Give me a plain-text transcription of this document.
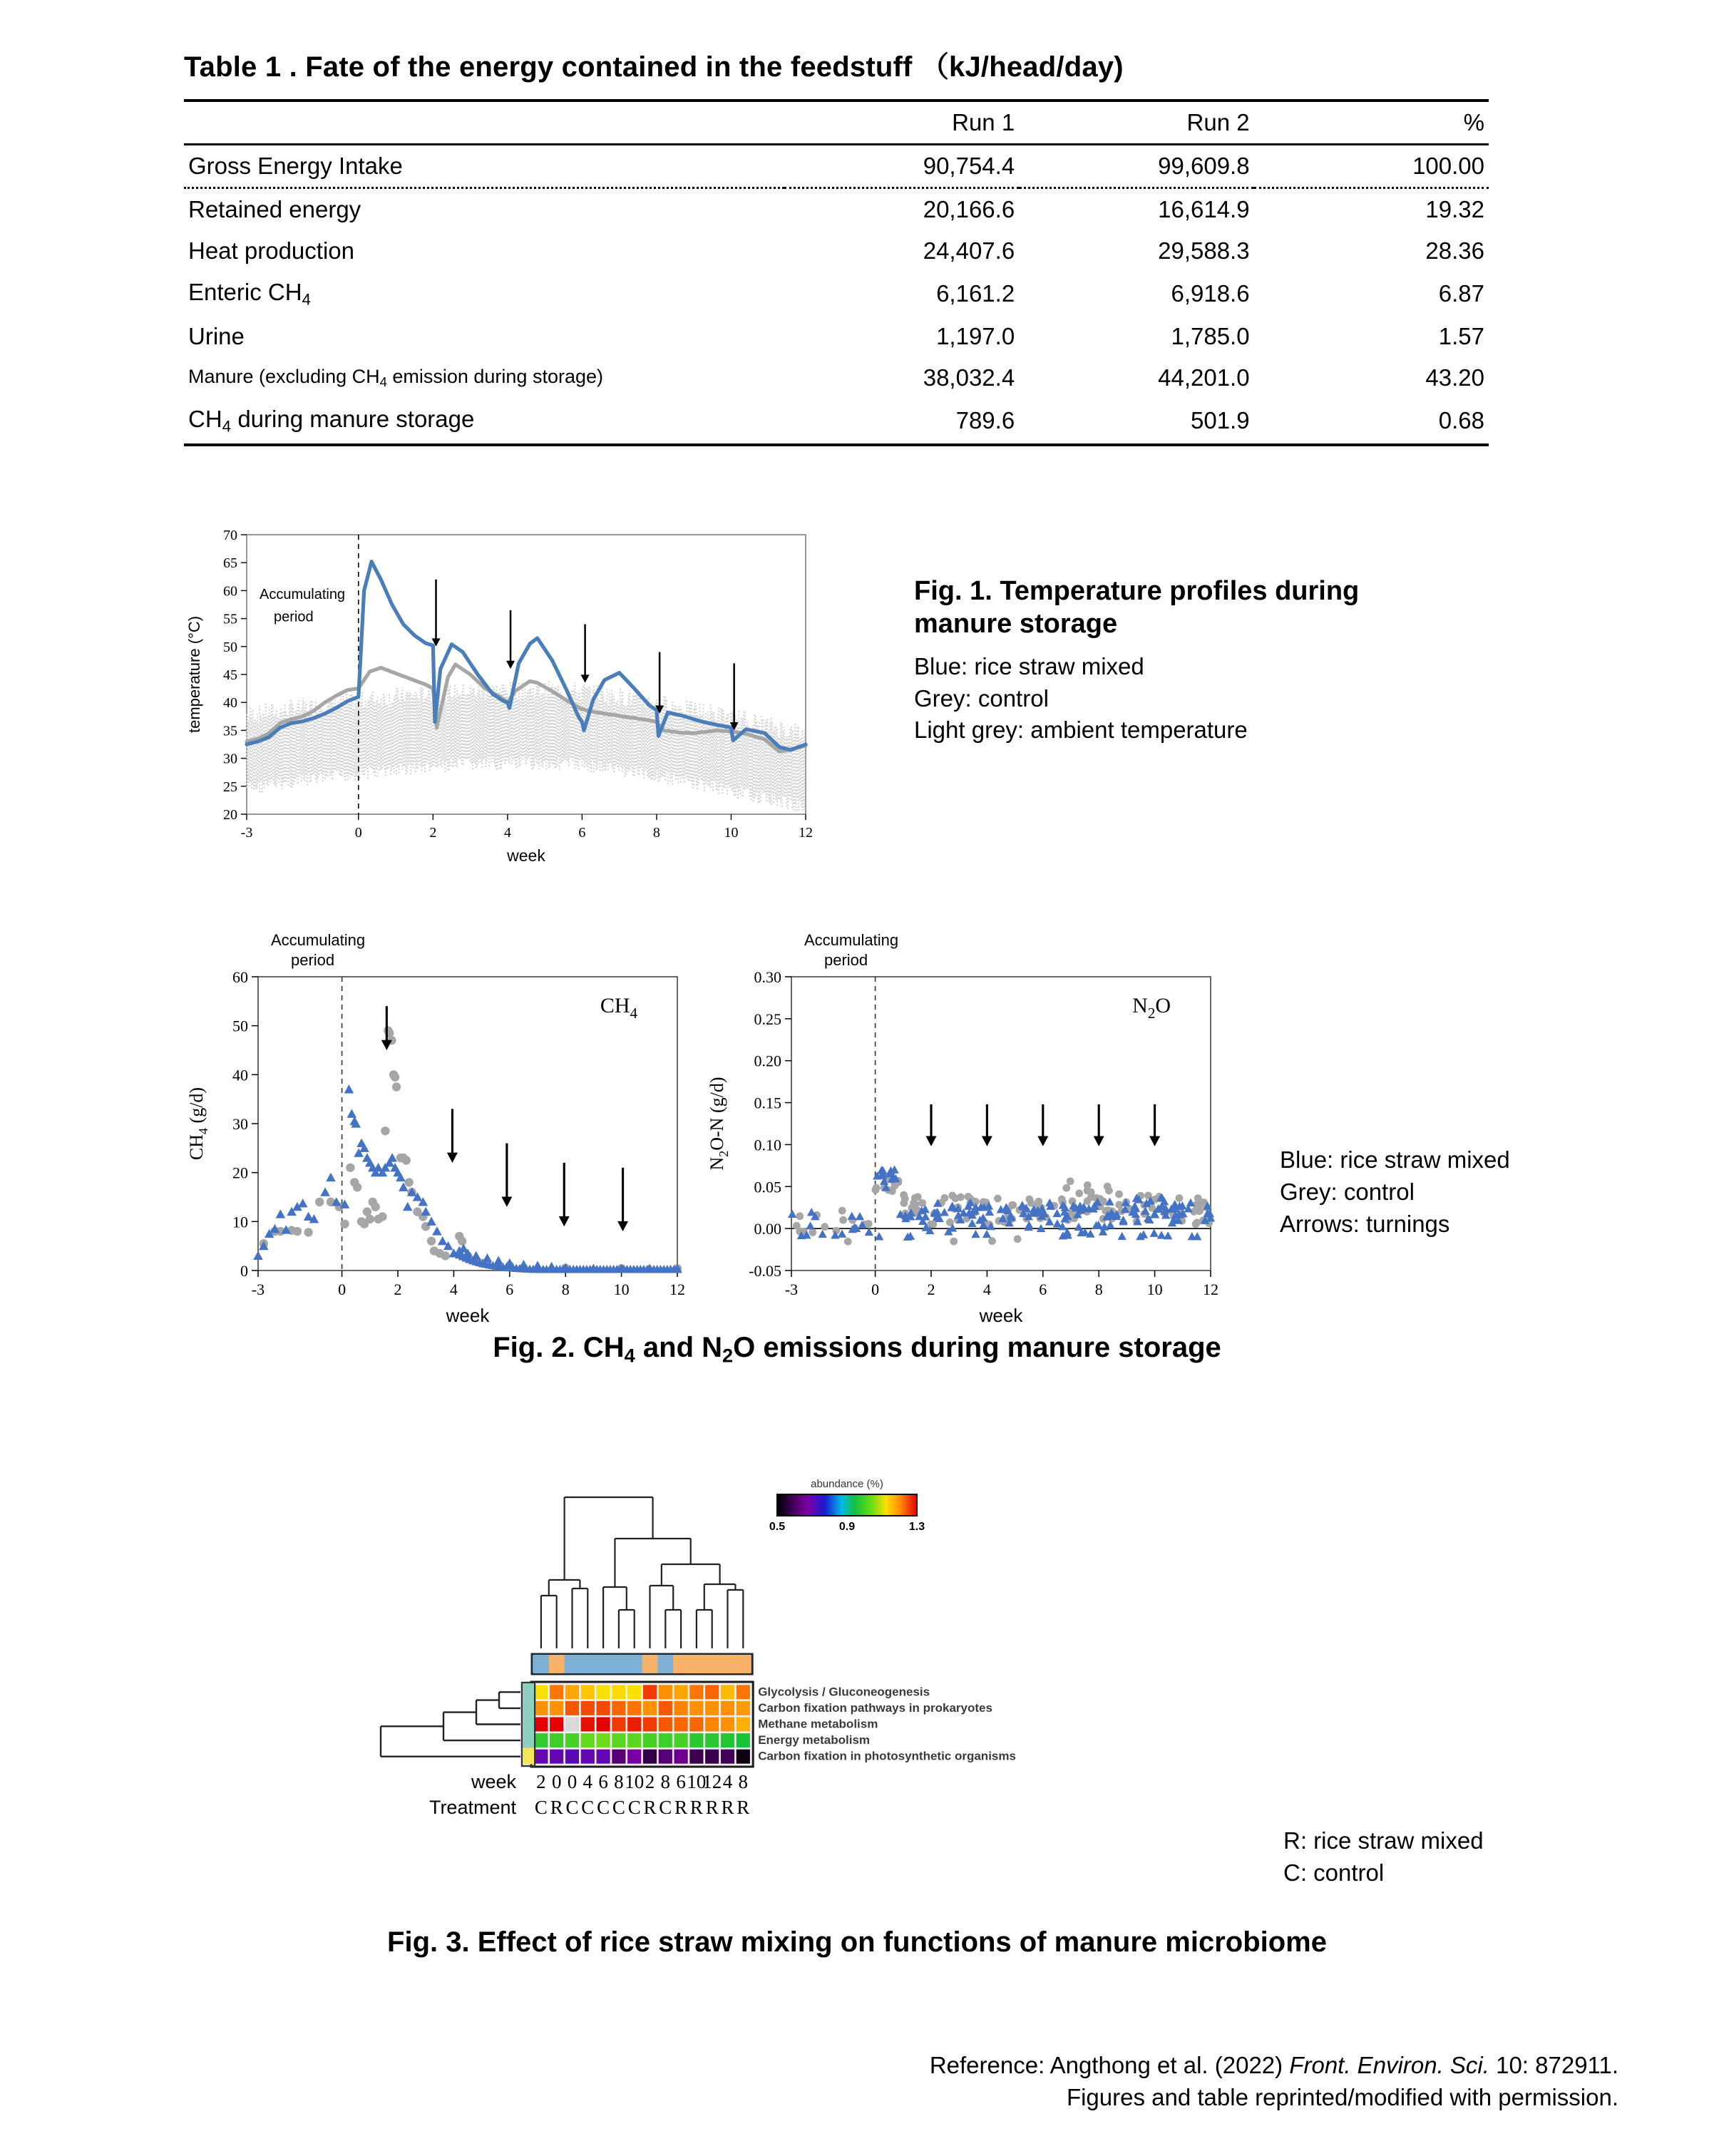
Table 1 . Fate of the energy contained in the feedstuff （kJ/head/day)
	Run 1	Run 2	%
Gross Energy Intake	90,754.4	99,609.8	100.00
Retained energy	20,166.6	16,614.9	19.32
Heat production	24,407.6	29,588.3	28.36
Enteric $CH_4$	6,161.2	6,918.6	6.87
Urine	1,197.0	1,785.0	1.57
Manure (excluding $CH_4$ emission during storage)	38,032.4	44,201.0	43.20
$CH_4$ during manure storage	789.6	501.9	0.68
20
25
30
35
40
45
50
55
60
65
70
-3	0	2	4	6	8	10	12
week
temperature (°C)
Accumulating
period
Fig. 1. Temperature profiles during
manure storage
Blue: rice straw mixed
Grey: control
Light grey: ambient temperature
0
10
20
30
40
50
60
-3	0	2	4	6	8	10	12
week
$CH_4$ (g/d)
Accumulating
period
$CH_4$
-0.05
0.00
0.05
0.10
0.15
0.20
0.25
0.30
-3	0	2	4	6	8	10	12
week
$N_2O-N$ (g/d)
Accumulating
period
$N_2O$
Blue: rice straw mixed
Grey: control
Arrows: turnings
Fig. 2. $CH_4$ and $N_2O$ emissions during manure storage
abundance (%)
0.5	0.9	1.3
Glycolysis / Gluconeogenesis
Carbon fixation pathways in prokaryotes
Methane metabolism
Energy metabolism
Carbon fixation in photosynthetic organisms
week
Treatment
2 0 0 4 6 8 10 2 8 6 10
12 4 8
C R C C C C C R C R R R R R
R: rice straw mixed
C: control
Fig. 3. Effect of rice straw mixing on functions of manure microbiome
Reference: Angthong et al. (2022) Front. Environ. Sci. 10: 872911.
Figures and table reprinted/modified with permission.
